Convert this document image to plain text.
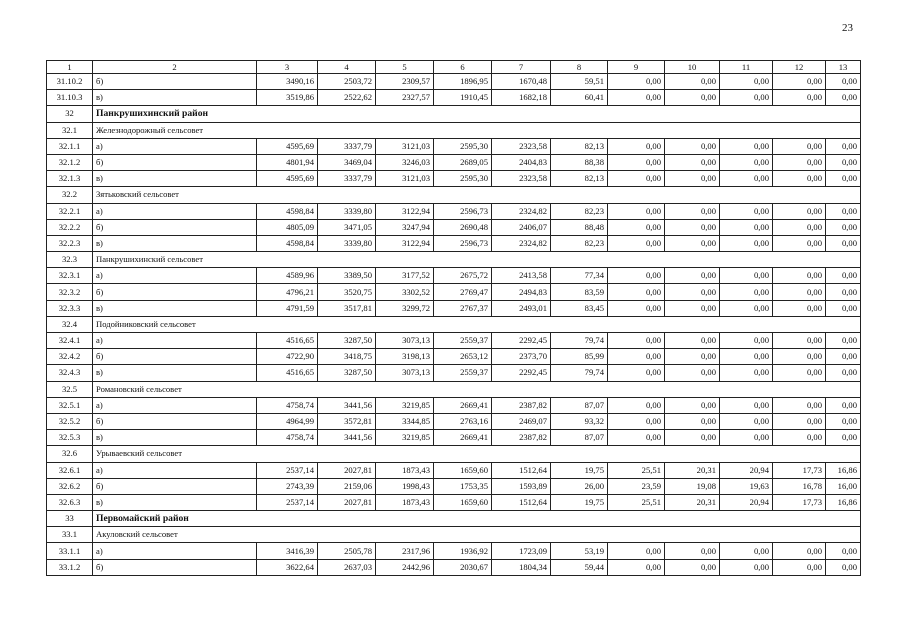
23
1	2	3	4	5	6	7	8	9	10	11	12	13
31.10.2	б)	3490,16	2503,72	2309,57	1896,95	1670,48	59,51	0,00	0,00	0,00	0,00	0,00
31.10.3	в)	3519,86	2522,62	2327,57	1910,45	1682,18	60,41	0,00	0,00	0,00	0,00	0,00
32	Панкрушихинский район											
32.1	Железнодорожный сельсовет											
32.1.1	а)	4595,69	3337,79	3121,03	2595,30	2323,58	82,13	0,00	0,00	0,00	0,00	0,00
32.1.2	б)	4801,94	3469,04	3246,03	2689,05	2404,83	88,38	0,00	0,00	0,00	0,00	0,00
32.1.3	в)	4595,69	3337,79	3121,03	2595,30	2323,58	82,13	0,00	0,00	0,00	0,00	0,00
32.2	Зятьковский сельсовет											
32.2.1	а)	4598,84	3339,80	3122,94	2596,73	2324,82	82,23	0,00	0,00	0,00	0,00	0,00
32.2.2	б)	4805,09	3471,05	3247,94	2690,48	2406,07	88,48	0,00	0,00	0,00	0,00	0,00
32.2.3	в)	4598,84	3339,80	3122,94	2596,73	2324,82	82,23	0,00	0,00	0,00	0,00	0,00
32.3	Панкрушихинский сельсовет											
32.3.1	а)	4589,96	3389,50	3177,52	2675,72	2413,58	77,34	0,00	0,00	0,00	0,00	0,00
32.3.2	б)	4796,21	3520,75	3302,52	2769,47	2494,83	83,59	0,00	0,00	0,00	0,00	0,00
32.3.3	в)	4791,59	3517,81	3299,72	2767,37	2493,01	83,45	0,00	0,00	0,00	0,00	0,00
32.4	Подойниковский сельсовет											
32.4.1	а)	4516,65	3287,50	3073,13	2559,37	2292,45	79,74	0,00	0,00	0,00	0,00	0,00
32.4.2	б)	4722,90	3418,75	3198,13	2653,12	2373,70	85,99	0,00	0,00	0,00	0,00	0,00
32.4.3	в)	4516,65	3287,50	3073,13	2559,37	2292,45	79,74	0,00	0,00	0,00	0,00	0,00
32.5	Романовский сельсовет											
32.5.1	а)	4758,74	3441,56	3219,85	2669,41	2387,82	87,07	0,00	0,00	0,00	0,00	0,00
32.5.2	б)	4964,99	3572,81	3344,85	2763,16	2469,07	93,32	0,00	0,00	0,00	0,00	0,00
32.5.3	в)	4758,74	3441,56	3219,85	2669,41	2387,82	87,07	0,00	0,00	0,00	0,00	0,00
32.6	Урываевский сельсовет											
32.6.1	а)	2537,14	2027,81	1873,43	1659,60	1512,64	19,75	25,51	20,31	20,94	17,73	16,86
32.6.2	б)	2743,39	2159,06	1998,43	1753,35	1593,89	26,00	23,59	19,08	19,63	16,78	16,00
32.6.3	в)	2537,14	2027,81	1873,43	1659,60	1512,64	19,75	25,51	20,31	20,94	17,73	16,86
33	Первомайский район											
33.1	Акуловский сельсовет											
33.1.1	а)	3416,39	2505,78	2317,96	1936,92	1723,09	53,19	0,00	0,00	0,00	0,00	0,00
33.1.2	б)	3622,64	2637,03	2442,96	2030,67	1804,34	59,44	0,00	0,00	0,00	0,00	0,00
